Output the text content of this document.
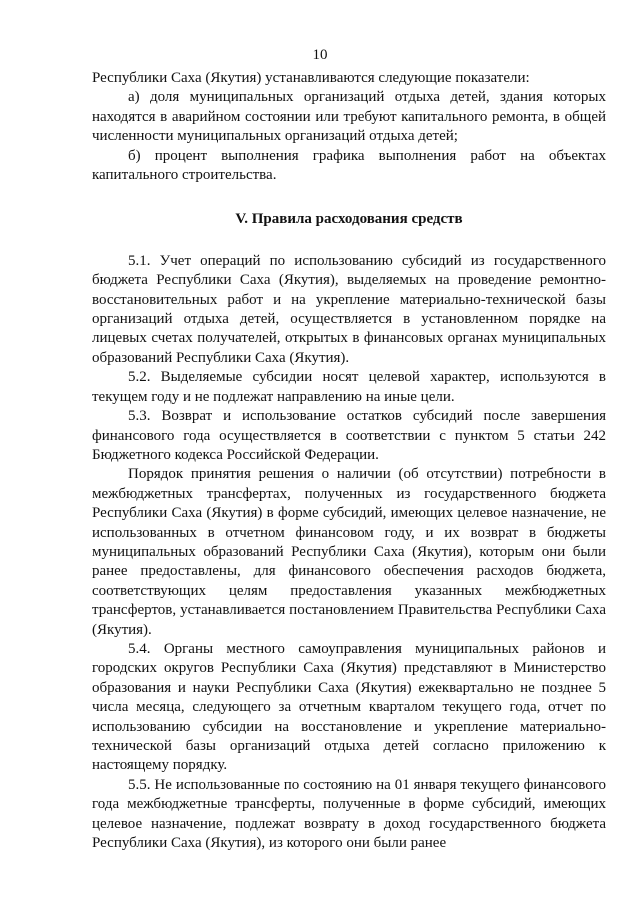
10

Республики Саха (Якутия) устанавливаются следующие показатели:

а) доля муниципальных организаций отдыха детей, здания которых находятся в аварийном состоянии или требуют капитального ремонта, в общей численности муниципальных организаций отдыха детей;

б) процент выполнения графика выполнения работ на объектах капитального строительства.

V. Правила расходования средств

5.1. Учет операций по использованию субсидий из государственного бюджета Республики Саха (Якутия), выделяемых на проведение ремонтно-восстановительных работ и на укрепление материально-технической базы организаций отдыха детей, осуществляется в установленном порядке на лицевых счетах получателей, открытых в финансовых органах муниципальных образований Республики Саха (Якутия).

5.2. Выделяемые субсидии носят целевой характер, используются в текущем году и не подлежат направлению на иные цели.

5.3. Возврат и использование остатков субсидий после завершения финансового года осуществляется в соответствии с пунктом 5 статьи 242 Бюджетного кодекса Российской Федерации.

Порядок принятия решения о наличии (об отсутствии) потребности в межбюджетных трансфертах, полученных из государственного бюджета Республики Саха (Якутия) в форме субсидий, имеющих целевое назначение, не использованных в отчетном финансовом году, и их возврат в бюджеты муниципальных образований Республики Саха (Якутия), которым они были ранее предоставлены, для финансового обеспечения расходов бюджета, соответствующих целям предоставления указанных межбюджетных трансфертов, устанавливается постановлением Правительства Республики Саха (Якутия).

5.4. Органы местного самоуправления муниципальных районов и городских округов Республики Саха (Якутия) представляют в Министерство образования и науки Республики Саха (Якутия) ежеквартально не позднее 5 числа месяца, следующего за отчетным кварталом текущего года, отчет по использованию субсидии на восстановление и укрепление материально-технической базы организаций отдыха детей согласно приложению к настоящему порядку.

5.5. Не использованные по состоянию на 01 января текущего финансового года межбюджетные трансферты, полученные в форме субсидий, имеющих целевое назначение, подлежат возврату в доход государственного бюджета Республики Саха (Якутия), из которого они были ранее
